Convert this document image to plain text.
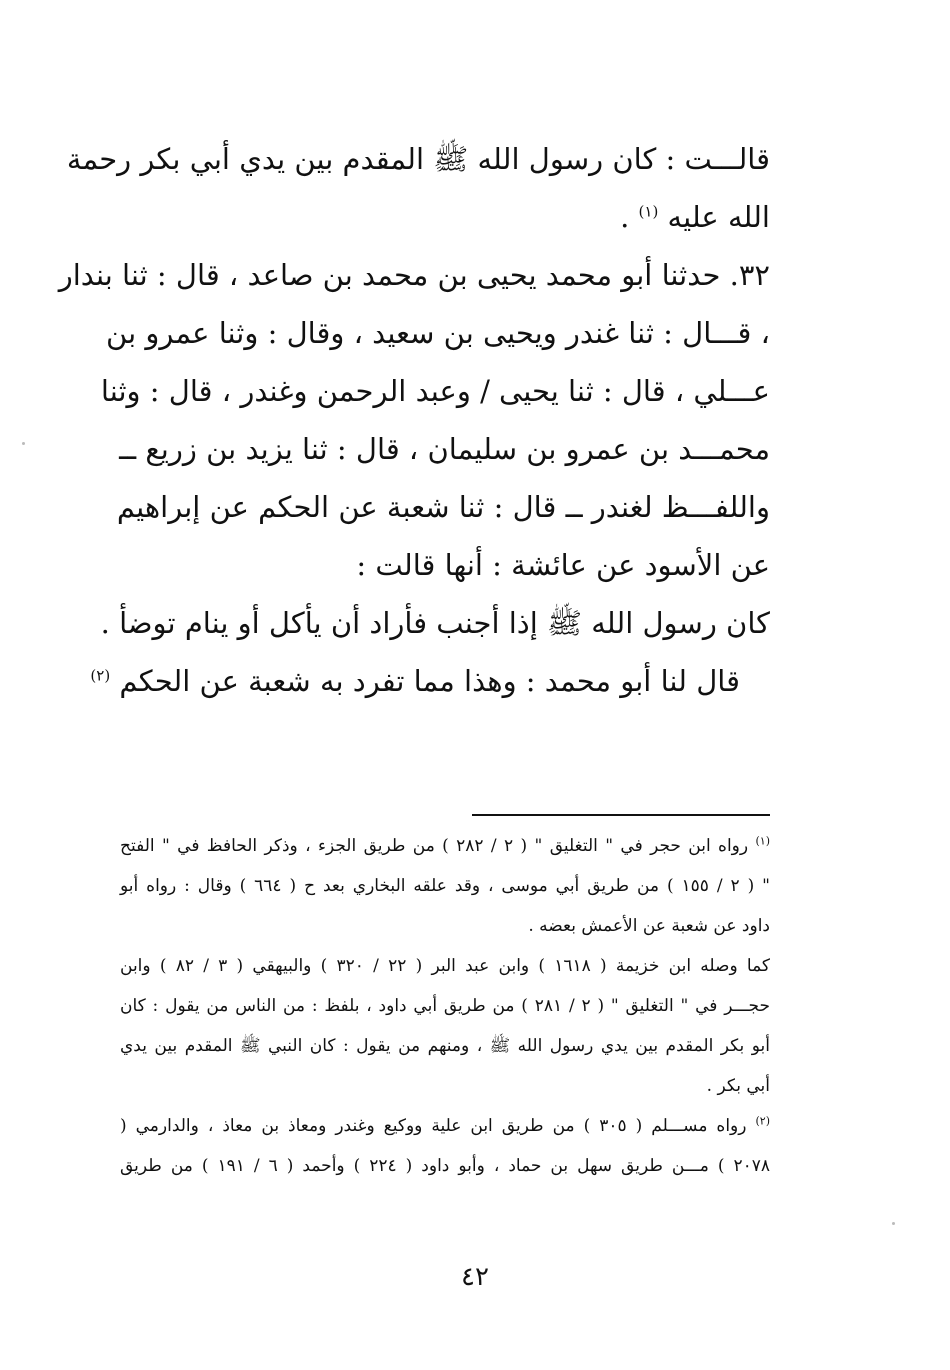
قالـــت : كان رسول الله ﷺ المقدم بين يدي أبي بكر رحمة
الله عليه $^{(١)}$ .
٣٢. حدثنا أبو محمد يحيى بن محمد بن صاعد ، قال : ثنا بندار
، قـــال : ثنا غندر ويحيى بن سعيد ، وقال : وثنا عمرو بن
عـــلي ، قال : ثنا يحيى / وعبد الرحمن وغندر ، قال : وثنا
محمـــد بن عمرو بن سليمان ، قال : ثنا يزيد بن زريع ــ
واللفـــظ لغندر ــ قال : ثنا شعبة عن الحكم عن إبراهيم
عن الأسود عن عائشة : أنها قالت :
كان رسول الله ﷺ إذا أجنب فأراد أن يأكل أو ينام توضأ .
قال لنا أبو محمد : وهذا مما تفرد به شعبة عن الحكم $^{(٢)}$
$^{(١)}$ رواه ابن حجر في " التغليق " ( ٢ / ٢٨٢ ) من طريق الجزء ، وذكر الحافظ في " الفتح
" ( ٢ / ١٥٥ ) من طريق أبي موسى ، وقد علقه البخاري بعد ح ( ٦٦٤ ) وقال : رواه أبو
داود عن شعبة عن الأعمش بعضه .
كما وصله ابن خزيمة ( ١٦١٨ ) وابن عبد البر ( ٢٢ / ٣٢٠ ) والبيهقي ( ٣ / ٨٢ ) وابن
حجـــر في " التغليق " ( ٢ / ٢٨١ ) من طريق أبي داود ، بلفظ : من الناس من يقول : كان
أبو بكر المقدم بين يدي رسول الله ﷺ ، ومنهم من يقول : كان النبي ﷺ المقدم بين يدي
أبي بكر .
$^{(٢)}$ رواه مســـلم ( ٣٠٥ ) من طريق ابن علية ووكيع وغندر ومعاذ بن معاذ ، والدارمي (
٢٠٧٨ ) مـــن طريق سهل بن حماد ، وأبو داود ( ٢٢٤ ) وأحمد ( ٦ / ١٩١ ) من طريق
٤٢
